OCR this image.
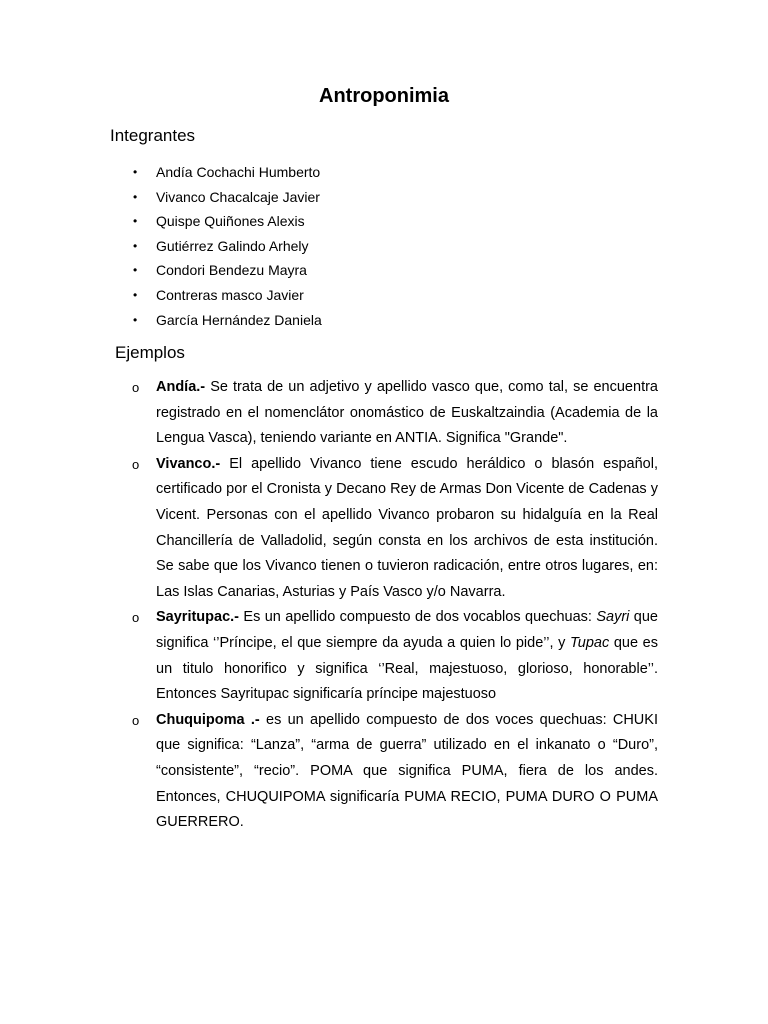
Antroponimia
Integrantes
• Andía Cochachi Humberto
• Vivanco Chacalcaje Javier
• Quispe Quiñones Alexis
• Gutiérrez Galindo Arhely
• Condori Bendezu Mayra
• Contreras masco Javier
• García Hernández Daniela
Ejemplos
o Andía.- Se trata de un adjetivo y apellido vasco que, como tal, se encuentra registrado en el nomenclátor onomástico de Euskaltzaindia (Academia de la Lengua Vasca), teniendo variante en ANTIA. Significa "Grande".
o Vivanco.- El apellido Vivanco tiene escudo heráldico o blasón español, certificado por el Cronista y Decano Rey de Armas Don Vicente de Cadenas y Vicent. Personas con el apellido Vivanco probaron su hidalguía en la Real Chancillería de Valladolid, según consta en los archivos de esta institución. Se sabe que los Vivanco tienen o tuvieron radicación, entre otros lugares, en: Las Islas Canarias, Asturias y País Vasco y/o Navarra.
o Sayritupac.- Es un apellido compuesto de dos vocablos quechuas: Sayri que significa ‘’Príncipe, el que siempre da ayuda a quien lo pide’’, y Tupac que es un titulo honorifico y significa ‘’Real, majestuoso, glorioso, honorable’’. Entonces Sayritupac significaría príncipe majestuoso
o Chuquipoma .- es un apellido compuesto de dos voces quechuas: CHUKI que significa: “Lanza”, “arma de guerra” utilizado en el inkanato o “Duro”, “consistente”, “recio”. POMA que significa PUMA, fiera de los andes. Entonces, CHUQUIPOMA significaría PUMA RECIO, PUMA DURO O PUMA GUERRERO.
